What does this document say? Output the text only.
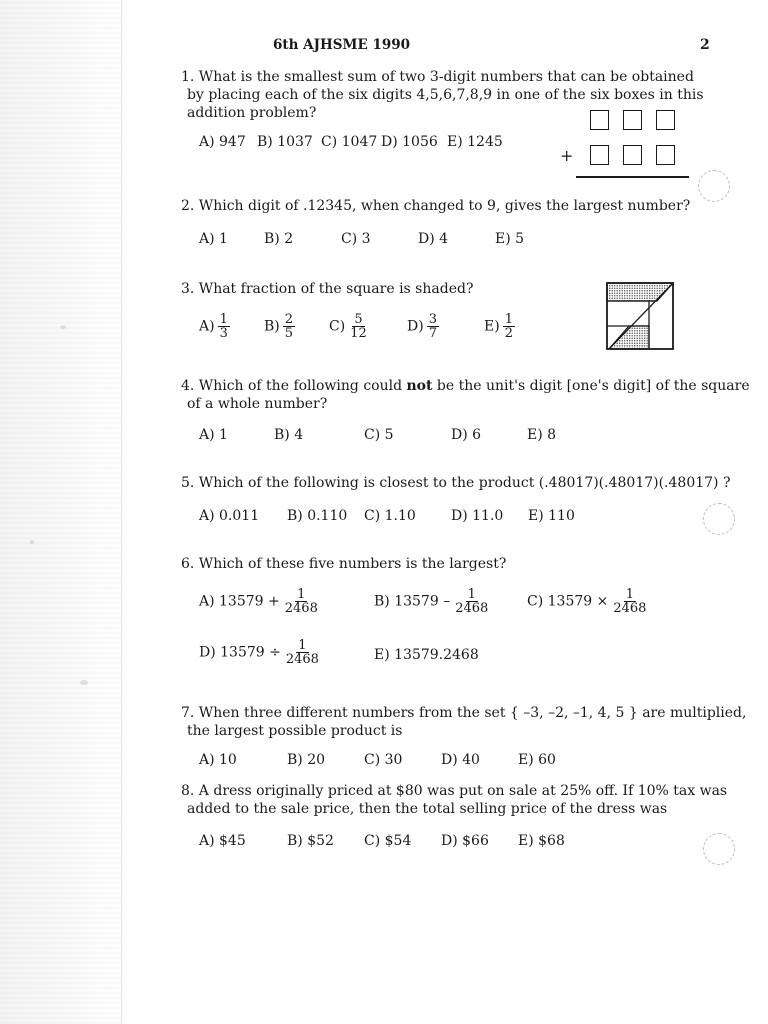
6th AJHSME 1990	2
1. What is the smallest sum of two 3-digit numbers that can be obtained
by placing each of the six digits 4,5,6,7,8,9 in one of the six boxes in this
addition problem?
A) 947 B) 1037 C) 1047 D) 1056 E) 1245
+
2. Which digit of .12345, when changed to 9, gives the largest number?
A) 1	B) 2	C) 3	D) 4	E) 5
3. What fraction of the square is shaded?
$A) \frac{1}{3} B) \frac{2}{5} C) \frac{5}{12}$	$D) \frac{3}{7}$	$E) \frac{1}{2}$
4. Which of the following could not be the unit's digit [one's digit] of the square
of a whole number?
A) 1	B) 4	C) 5	D) 6	E) 8
5. Which of the following is closest to the product (.48017)(.48017)(.48017) ?
A) 0.011 B) 0.110 C) 1.10	D) 11.0 E) 110
6. Which of these five numbers is the largest?
A) $13579 + \frac{1}{2468}$	B) $13579 - \frac{1}{2468}$	C) $13579 \times \frac{1}{2468}$
D) $13579 \div \frac{1}{2468}$	E) 13579.2468
7. When three different numbers from the set { –3, –2, –1, 4, 5 } are multiplied,
the largest possible product is
A) 10	B) 20	C) 30	D) 40	E) 60
8. A dress originally priced at $80 was put on sale at 25% off. If 10% tax was
added to the sale price, then the total selling price of the dress was
A) $45	B) $52 C) $54 D) $66 E) $68
